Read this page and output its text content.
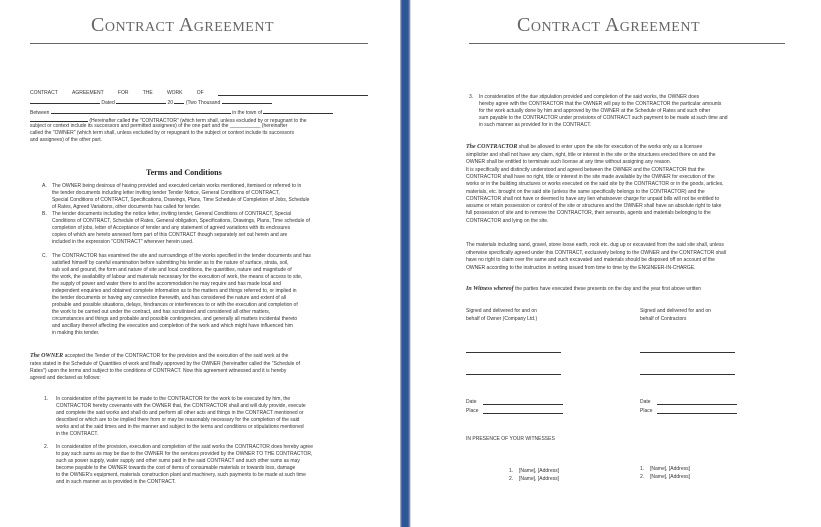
Contract Agreement
CONTRACT	AGREEMENT	FOR	THE	WORK	OF
Dated	20	(Two Thousand
Between	in the town of
(Hereinafter called the "CONTRACTOR" (which term shall, unless excluded by or repugnant to the
subject or context include its successors and permitted assignees) of the one part and the ___________ (hereinafter
called the "OWNER" (which term shall, unless excluded by or repugnant to the subject or context include its successors
and assignees) of the other part.
Terms and Conditions
A. The OWNER being desirous of having provided and executed certain works mentioned, itemised or referred to in
the tender documents including letter inviting tender Tender Notice, General Conditions of CONTRACT,
Special Conditions of CONTRACT, Specifications, Drawings, Plans, Time Schedule of Completion of Jobs, Schedule
of Rates, Agreed Variations, other documents has called for tender.
B. The tender documents including the notice letter, inviting tender, General Conditions of CONTRACT, Special
Conditions of CONTRACT, Schedule of Rates, General obligation, Specifications, Drawings, Plans, Time schedule of
completion of jobs, letter of Acceptance of tender and any statement of agreed variations with its enclosures
copies of which are hereto annexed form part of this CONTRACT though separately set out herein and are
included in the expression "CONTRACT" wherever herein used.
C. The CONTRACTOR has examined the site and surroundings of the works specified in the tender documents and has
satisfied himself by careful examination before submitting his tender as to the nature of surface, strata, soil,
sub soil and ground, the form and nature of site and local conditions, the quantities, nature and magnitude of
the work, the availability of labour and materials necessary for the execution of work, the means of access to site,
the supply of power and water there to and the accommodation he may require and has made local and
independent enquiries and obtained complete information as to the matters and things referred to, or implied in
the tender documents or having any connection therewith, and has considered the nature and extent of all
probable and possible situations, delays, hindrances or interferences to or with the execution and completion of
the work to be carried out under the contract, and has scrutinised and considered all other matters,
circumstances and things and probable and possible contingencies, and generally all matters incidental thereto
and ancillary thereof affecting the execution and completion of the work and which might have influenced him
in making this tender.
The OWNER accepted the Tender of the CONTRACTOR for the provision and the execution of the said work at the
rates stated in the Schedule of Quantities of work and finally approved by the OWNER (hereinafter called the "Schedule of
Rates") upon the terms and subject to the conditions of CONTRACT. Now this agreement witnessed and it is hereby
agreed and declared as follows:
1. In consideration of the payment to be made to the CONTRACTOR for the work to be executed by him, the
CONTRACTOR hereby covenants with the OWNER that, the CONTRACTOR shall and will duly provide, execute
and complete the said works and shall do and perform all other acts and things in the CONTRACT mentioned or
described or which are to be implied there from or may be reasonably necessary for the completion of the said
works and at the said times and in the manner and subject to the terms and conditions or stipulations mentioned
in the CONTRACT.
2. In consideration of the provision, execution and completion of the said works the CONTRACTOR does hereby agree
to pay such sums as may be due to the OWNER for the services provided by the OWNER TO THE CONTRACTOR,
such as power supply, water supply and other sums paid in the said CONTRACT and such other sums as may
become payable to the OWNER towards the cost of items of consumable materials or towards loss, damage
to the OWNER's equipment, materials construction plant and machinery, such payments to be made at such time
and in such manner as is provided in the CONTRACT.
Contract Agreement
3. In consideration of the due stipulation provided and completion of the said works, the OWNER does
hereby agree with the CONTRACTOR that the OWNER will pay to the CONTRACTOR the particular amounts
for the work actually done by him and approved by the OWNER at the Schedule of Rates and such other
sum payable to the CONTRACTOR under provisions of CONTRACT such payment to be made at such time and
in such manner as provided for in the CONTRACT.
The CONTRACTOR shall be allowed to enter upon the site for execution of the works only as a licensee
simpliciter and shall not have any claim, right, title or interest in the site or the structures erected there on and the
OWNER shall be entitled to terminate such license at any time without assigning any reason.
It is specifically and distinctly understood and agreed between the OWNER and the CONTRACTOR that the
CONTRACTOR shall have no right, title or interest in the site made available by the OWNER for execution of the
works or in the building structures or works executed on the said site by the CONTRACTOR or in the goods, articles,
materials, etc. brought on the said site (unless the same specifically belongs to the CONTRACTOR) and the
CONTRACTOR shall not have or deemed to have any lien whatsoever charge for unpaid bills will not be entitled to
assume or retain possession or control of the site or structures and the OWNER shall have an absolute right to take
full possession of site and to remove the CONTRACTOR, their servants, agents and materials belonging to the
CONTRACTOR and lying on the site.
The materials including sand, gravel, stone loose earth, rock etc. dug up or excavated from the said site shall, unless
otherwise specifically agreed under this CONTRACT, exclusively belong to the OWNER and the CONTRACTOR shall
have no right to claim over the same and such excavated and materials should be disposed off on account of the
OWNER according to the instruction in writing issued from time to time by the ENGINEER-IN-CHARGE.
In Witness whereof the parties have executed these presents on the day and the year first above written
Signed and delivered for and on
behalf of Owner (Company Ltd.)
Signed and delivered for and on
behalf of Contractors
Date
Place
Date
Place
IN PRESENCE OF YOUR WITNESSES
1. [Name], [Address]
2. [Name], [Address]
1. [Name], [Address]
2. [Name], [Address]
